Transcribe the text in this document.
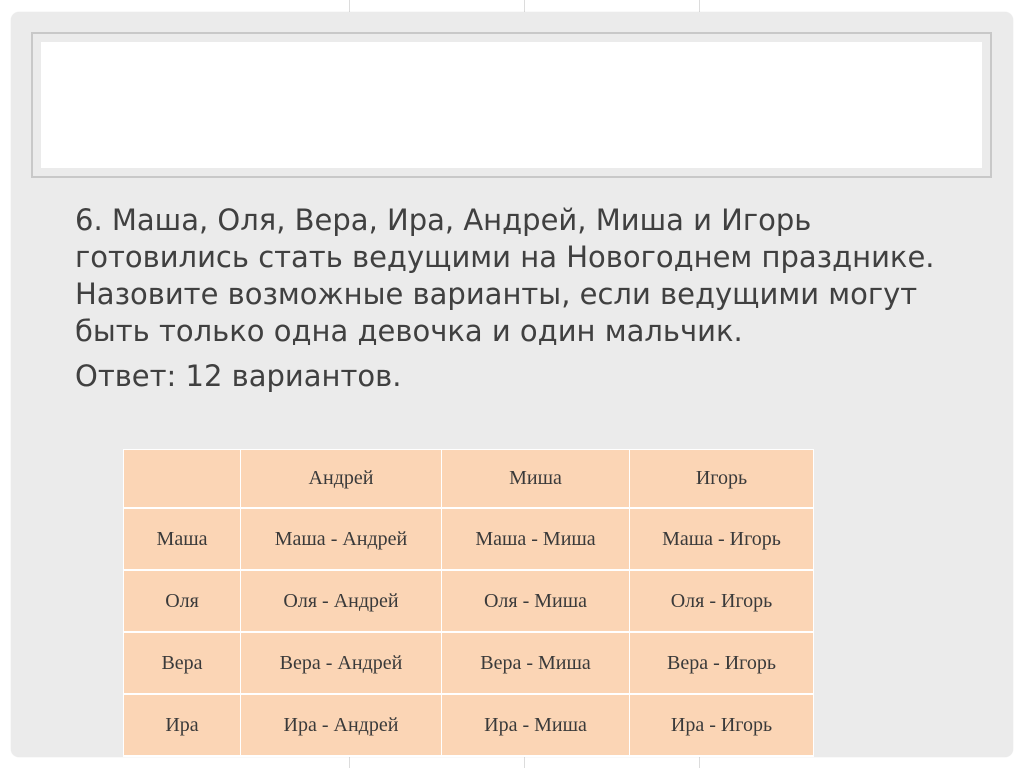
6. Маша, Оля, Вера, Ира, Андрей, Миша и Игорь готовились стать ведущими на Новогоднем празднике. Назовите возможные варианты, если ведущими могут быть только одна девочка и один мальчик.

Ответ: 12 вариантов.

	Андрей	Миша	Игорь
Маша	Маша - Андрей	Маша - Миша	Маша - Игорь
Оля	Оля - Андрей	Оля - Миша	Оля - Игорь
Вера	Вера - Андрей	Вера - Миша	Вера - Игорь
Ира	Ира - Андрей	Ира - Миша	Ира - Игорь
